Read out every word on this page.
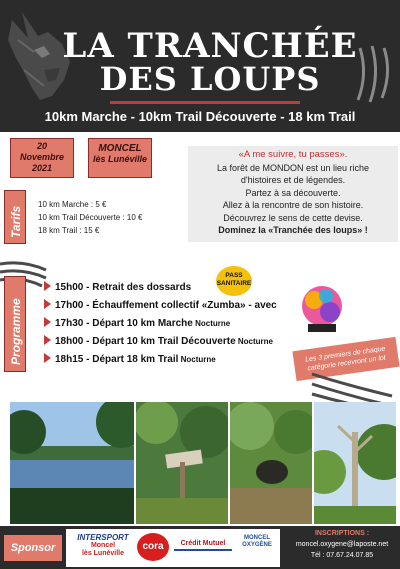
LA TRANCHÉE
DES LOUPS
10km Marche - 10km Trail Découverte - 18 km Trail
20
Novembre
2021
MONCEL
lès Lunéville	«A me suivre, tu passes».
La forêt de MONDON est un lieu riche
d'histoires et de légendes.
Partez à sa découverte.
Allez à la rencontre de son histoire.
Découvrez le sens de cette devise.
Dominez la «Tranchée des loups» !
Tarifs
10 km Marche : 5 €
10 km Trail Découverte : 10 €
18 km Trail : 15 €
Programme
15h00 - Retrait des dossards
17h00 - Échauffement collectif «Zumba» - avec
17h30 - Départ 10 km Marche Nocturne
18h00 - Départ 10 km Trail Découverte Nocturne
18h15 - Départ 18 km Trail Nocturne
PASS
SANITAIRE
Les 3 premiers de chaque catégorie recevront un lot
Sponsor
INTERSPORT
Moncel
lès Lunéville
cora	Crédit Mutuel
MONCEL
OXYGÈNE
INSCRIPTIONS :
moncel.oxygene@laposte.net
Tél : 07.67.24.07.85
